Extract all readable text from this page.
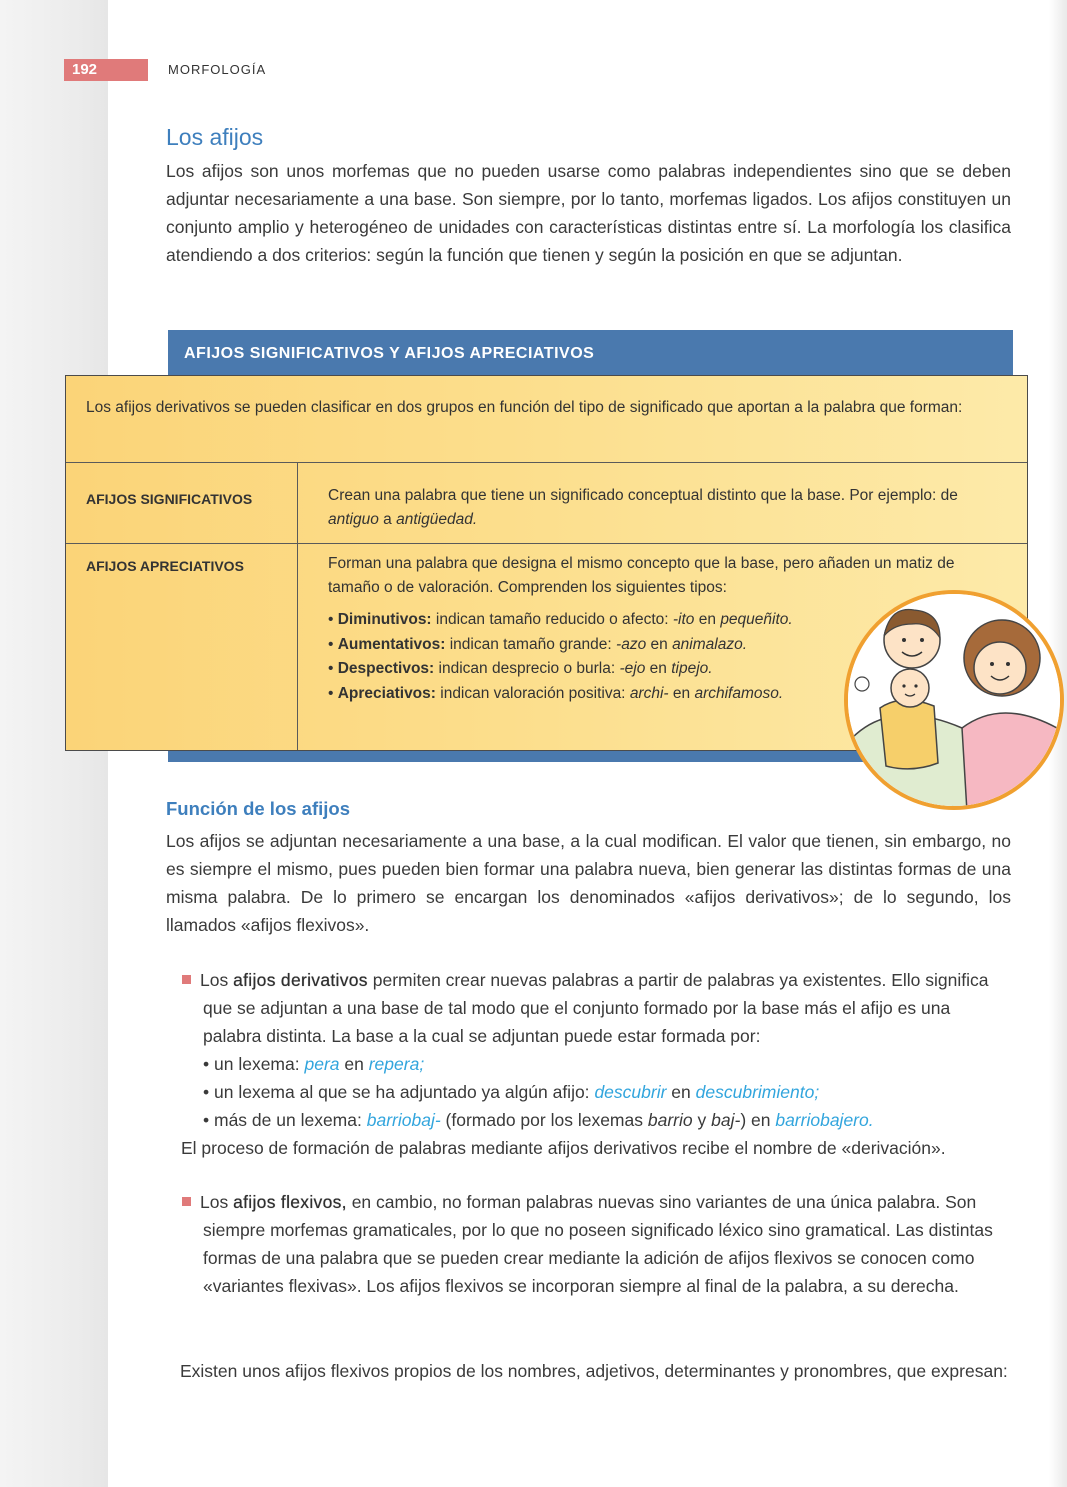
192	MORFOLOGÍA
Los afijos

Los afijos son unos morfemas que no pueden usarse como palabras independientes sino que se deben adjuntar necesariamente a una base. Son siempre, por lo tanto, morfemas ligados. Los afijos constituyen un conjunto amplio y heterogéneo de unidades con características distintas entre sí. La morfología los clasifica atendiendo a dos criterios: según la función que tienen y según la posición en que se adjuntan.

AFIJOS SIGNIFICATIVOS Y AFIJOS APRECIATIVOS
Los afijos derivativos se pueden clasificar en dos grupos en función del tipo de significado que aportan a la palabra que forman:
AFIJOS SIGNIFICATIVOS	Crean una palabra que tiene un significado conceptual distinto que la base. Por ejemplo: de antiguo a antigüedad.
AFIJOS APRECIATIVOS	Forman una palabra que designa el mismo concepto que la base, pero añaden un matiz de tamaño o de valoración. Comprenden los siguientes tipos:
• Diminutivos: indican tamaño reducido o afecto: -ito en pequeñito.
• Aumentativos: indican tamaño grande: -azo en animalazo.
• Despectivos: indican desprecio o burla: -ejo en tipejo.
• Apreciativos: indican valoración positiva: archi- en archifamoso.
Función de los afijos

Los afijos se adjuntan necesariamente a una base, a la cual modifican. El valor que tienen, sin embargo, no es siempre el mismo, pues pueden bien formar una palabra nueva, bien generar las distintas formas de una misma palabra. De lo primero se encargan los denominados «afijos derivativos»; de lo segundo, los llamados «afijos flexivos».

Los afijos derivativos permiten crear nuevas palabras a partir de palabras ya existentes. Ello significa que se adjuntan a una base de tal modo que el conjunto formado por la base más el afijo es una palabra distinta. La base a la cual se adjuntan puede estar formada por:
• un lexema: pera en repera;
• un lexema al que se ha adjuntado ya algún afijo: descubrir en descubrimiento;
• más de un lexema: barriobaj- (formado por los lexemas barrio y baj-) en barriobajero.
El proceso de formación de palabras mediante afijos derivativos recibe el nombre de «derivación».
Los afijos flexivos, en cambio, no forman palabras nuevas sino variantes de una única palabra. Son siempre morfemas gramaticales, por lo que no poseen significado léxico sino gramatical. Las distintas formas de una palabra que se pueden crear mediante la adición de afijos flexivos se conocen como «variantes flexivas». Los afijos flexivos se incorporan siempre al final de la palabra, a su derecha.

Existen unos afijos flexivos propios de los nombres, adjetivos, determinantes y pronombres, que expresan:
